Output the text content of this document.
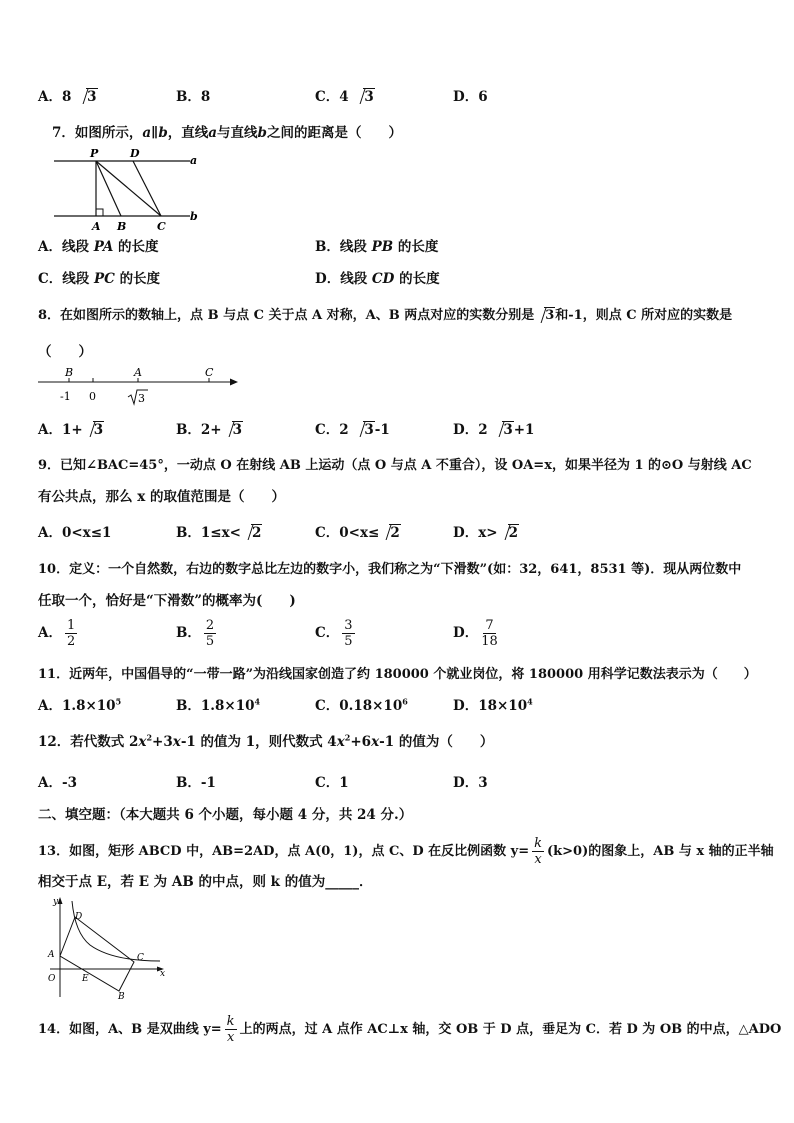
A．8 3	B．8	C．4 3	D．6
7．如图所示，a∥b，直线a与直线b之间的距离是（　　）
P	D
a
b
A B	C
A．线段 PA 的长度	B．线段 PB 的长度
C．线段 PC 的长度	D．线段 CD 的长度
8．在如图所示的数轴上，点 B 与点 C 关于点 A 对称，A、B 两点对应的实数分别是 3和-1，则点 C 所对应的实数是
（　　）
B	A	C
-1 0	3
A．1+ 3	B．2+ 3	C．2 3-1	D．2 3+1
9．已知∠BAC=45°，一动点 O 在射线 AB 上运动（点 O 与点 A 不重合），设 OA=x，如果半径为 1 的⊙O 与射线 AC
有公共点，那么 x 的取值范围是（　　）
A．0<x≤1	B．1≤x< 2	C．0<x≤ 2	D．x> 2
10．定义：一个自然数，右边的数字总比左边的数字小，我们称之为“下滑数”(如：32，641，8531 等)．现从两位数中
任取一个，恰好是“下滑数”的概率为(　　)
A． $\frac{1}{2}$	B． $\frac{2}{5}$	C． $\frac{3}{5}$	D． $\frac{7}{18}$
11．近两年，中国倡导的“一带一路”为沿线国家创造了约 180000 个就业岗位，将 180000 用科学记数法表示为（　　）
A．$1.8\times 10^5$	B．$1.8\times 10^4$	C．$0.18\times 10^6$	D．$18\times 10^4$
12．若代数式 $2x^2+3x-1$ 的值为 1，则代数式 $4x^2+6x-1$ 的值为（　　）
A．-3	B．-1	C．1	D．3
二、填空题：（本大题共 6 个小题，每小题 4 分，共 24 分.）
13．如图，矩形 ABCD 中，AB=2AD，点 A(0，1)，点 C、D 在反比例函数 $y= \frac{k}{x} (k>0)$的图象上，AB 与 x 轴的正半轴
相交于点 E，若 E 为 AB 的中点，则 k 的值为_____．
y
D
A	C
x
O	E
B
14．如图，A、B 是双曲线 $y= \frac{k}{x}$ 上的两点，过 A 点作 AC⊥x 轴，交 OB 于 D 点，垂足为 C．若 D 为 OB 的中点，△ADO
